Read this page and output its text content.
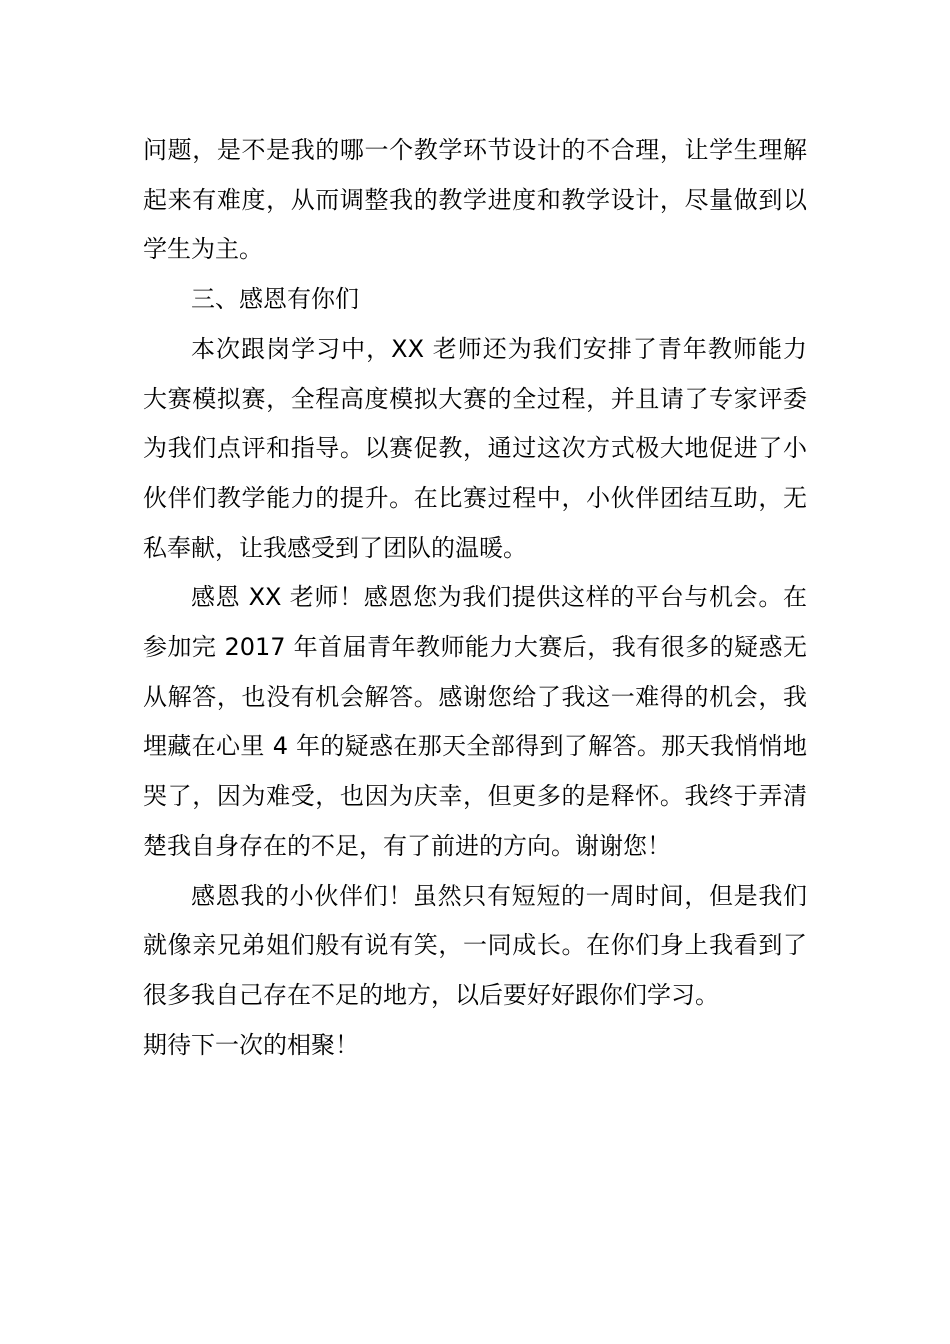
问题，是不是我的哪一个教学环节设计的不合理，让学生理解起来有难度，从而调整我的教学进度和教学设计，尽量做到以学生为主。

三、感恩有你们

本次跟岗学习中，XX 老师还为我们安排了青年教师能力大赛模拟赛，全程高度模拟大赛的全过程，并且请了专家评委为我们点评和指导。以赛促教，通过这次方式极大地促进了小伙伴们教学能力的提升。在比赛过程中，小伙伴团结互助，无私奉献，让我感受到了团队的温暖。

感恩 XX 老师！感恩您为我们提供这样的平台与机会。在参加完 2017 年首届青年教师能力大赛后，我有很多的疑惑无从解答，也没有机会解答。感谢您给了我这一难得的机会，我埋藏在心里 4 年的疑惑在那天全部得到了解答。那天我悄悄地哭了，因为难受，也因为庆幸，但更多的是释怀。我终于弄清楚我自身存在的不足，有了前进的方向。谢谢您！

感恩我的小伙伴们！虽然只有短短的一周时间，但是我们就像亲兄弟姐们般有说有笑，一同成长。在你们身上我看到了很多我自己存在不足的地方，以后要好好跟你们学习。

期待下一次的相聚！
